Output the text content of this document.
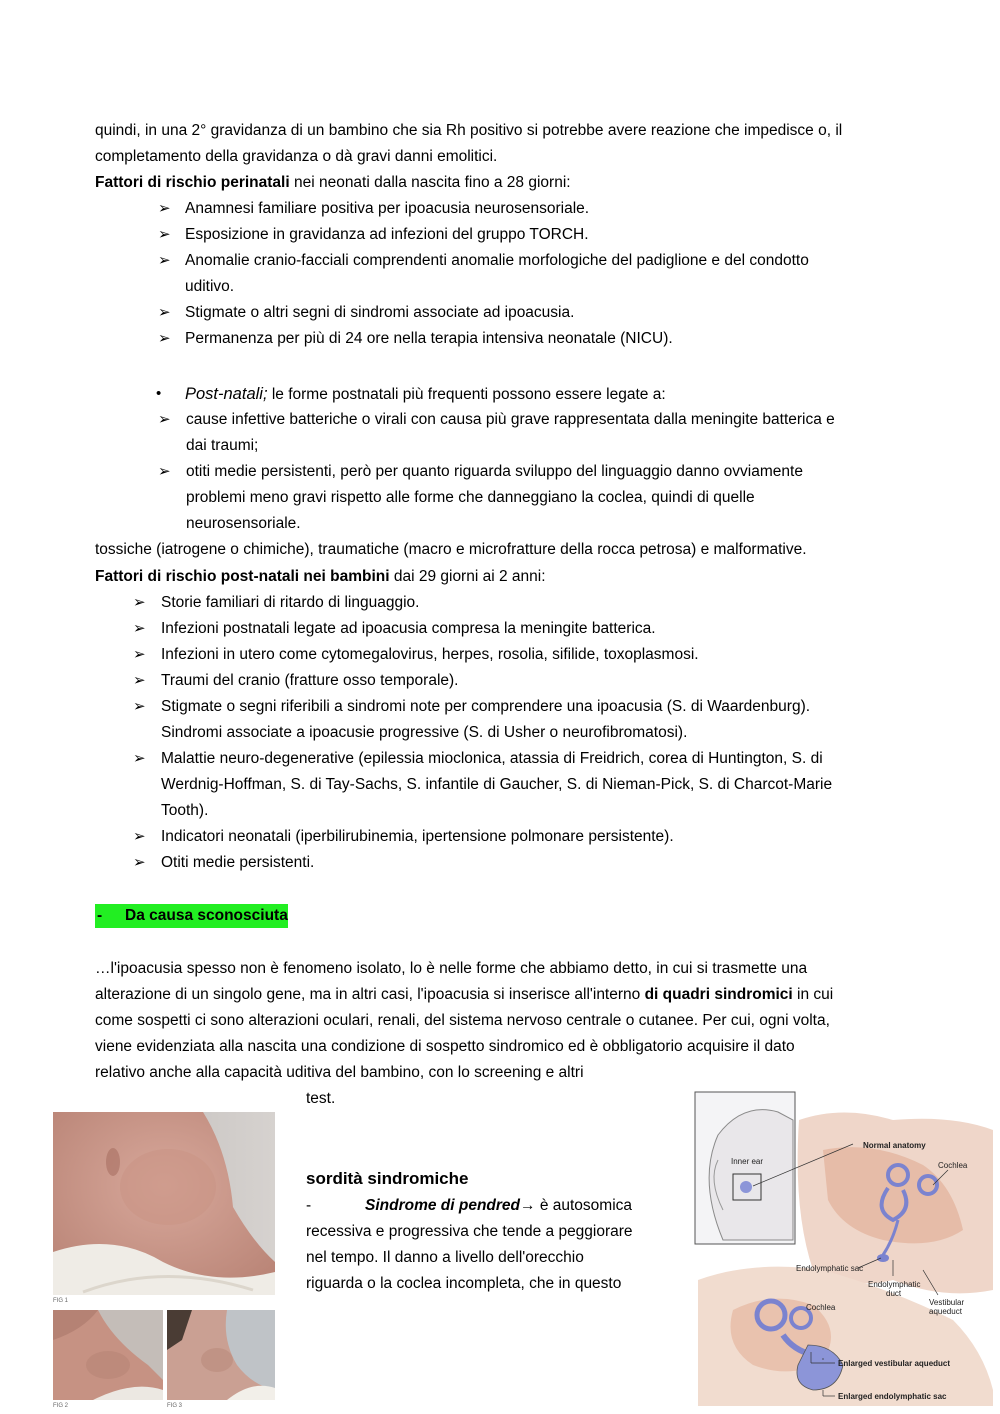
quindi, in una 2° gravidanza di un bambino che sia Rh positivo si potrebbe avere reazione che impedisce o, il
completamento della gravidanza o dà gravi danni emolitici.
Fattori di rischio perinatali nei neonati dalla nascita fino a 28 giorni:
➢ Anamnesi familiare positiva per ipoacusia neurosensoriale.
➢ Esposizione in gravidanza ad infezioni del gruppo TORCH.
➢ Anomalie cranio-facciali comprendenti anomalie morfologiche del padiglione e del condotto
uditivo.
➢ Stigmate o altri segni di sindromi associate ad ipoacusia.
➢ Permanenza per più di 24 ore nella terapia intensiva neonatale (NICU).
• Post-natali; le forme postnatali più frequenti possono essere legate a:
➢ cause infettive batteriche o virali con causa più grave rappresentata dalla meningite batterica e
dai traumi;
➢ otiti medie persistenti, però per quanto riguarda sviluppo del linguaggio danno ovviamente
problemi meno gravi rispetto alle forme che danneggiano la coclea, quindi di quelle
neurosensoriale.
tossiche (iatrogene o chimiche), traumatiche (macro e microfratture della rocca petrosa) e malformative.
Fattori di rischio post-natali nei bambini dai 29 giorni ai 2 anni:
➢ Storie familiari di ritardo di linguaggio.
➢ Infezioni postnatali legate ad ipoacusia compresa la meningite batterica.
➢ Infezioni in utero come cytomegalovirus, herpes, rosolia, sifilide, toxoplasmosi.
➢ Traumi del cranio (fratture osso temporale).
➢ Stigmate o segni riferibili a sindromi note per comprendere una ipoacusia (S. di Waardenburg).
Sindromi associate a ipoacusie progressive (S. di Usher o neurofibromatosi).
➢ Malattie neuro-degenerative (epilessia mioclonica, atassia di Freidrich, corea di Huntington, S. di
Werdnig-Hoffman, S. di Tay-Sachs, S. infantile di Gaucher, S. di Nieman-Pick, S. di Charcot-Marie
Tooth).
➢ Indicatori neonatali (iperbilirubinemia, ipertensione polmonare persistente).
➢ Otiti medie persistenti.
- Da causa sconosciuta
…l'ipoacusia spesso non è fenomeno isolato, lo è nelle forme che abbiamo detto, in cui si trasmette una
alterazione di un singolo gene, ma in altri casi, l'ipoacusia si inserisce all'interno di quadri sindromici in cui
come sospetti ci sono alterazioni oculari, renali, del sistema nervoso centrale o cutanee. Per cui, ogni volta,
viene evidenziata alla nascita una condizione di sospetto sindromico ed è obbligatorio acquisire il dato
relativo anche alla capacità uditiva del bambino, con lo screening e altri
test.
sordità sindromiche
-	Sindrome di pendred→ è autosomica
recessiva e progressiva che tende a peggiorare
nel tempo. Il danno a livello dell'orecchio
riguarda o la coclea incompleta, che in questo
FIG 1
FIG 2	FIG 3
Inner ear
Normal anatomy
Cochlea
Endolymphatic sac
Endolymphatic
duct
Vestibular
aqueduct
Cochlea
Enlarged vestibular aqueduct
Enlarged endolymphatic sac
